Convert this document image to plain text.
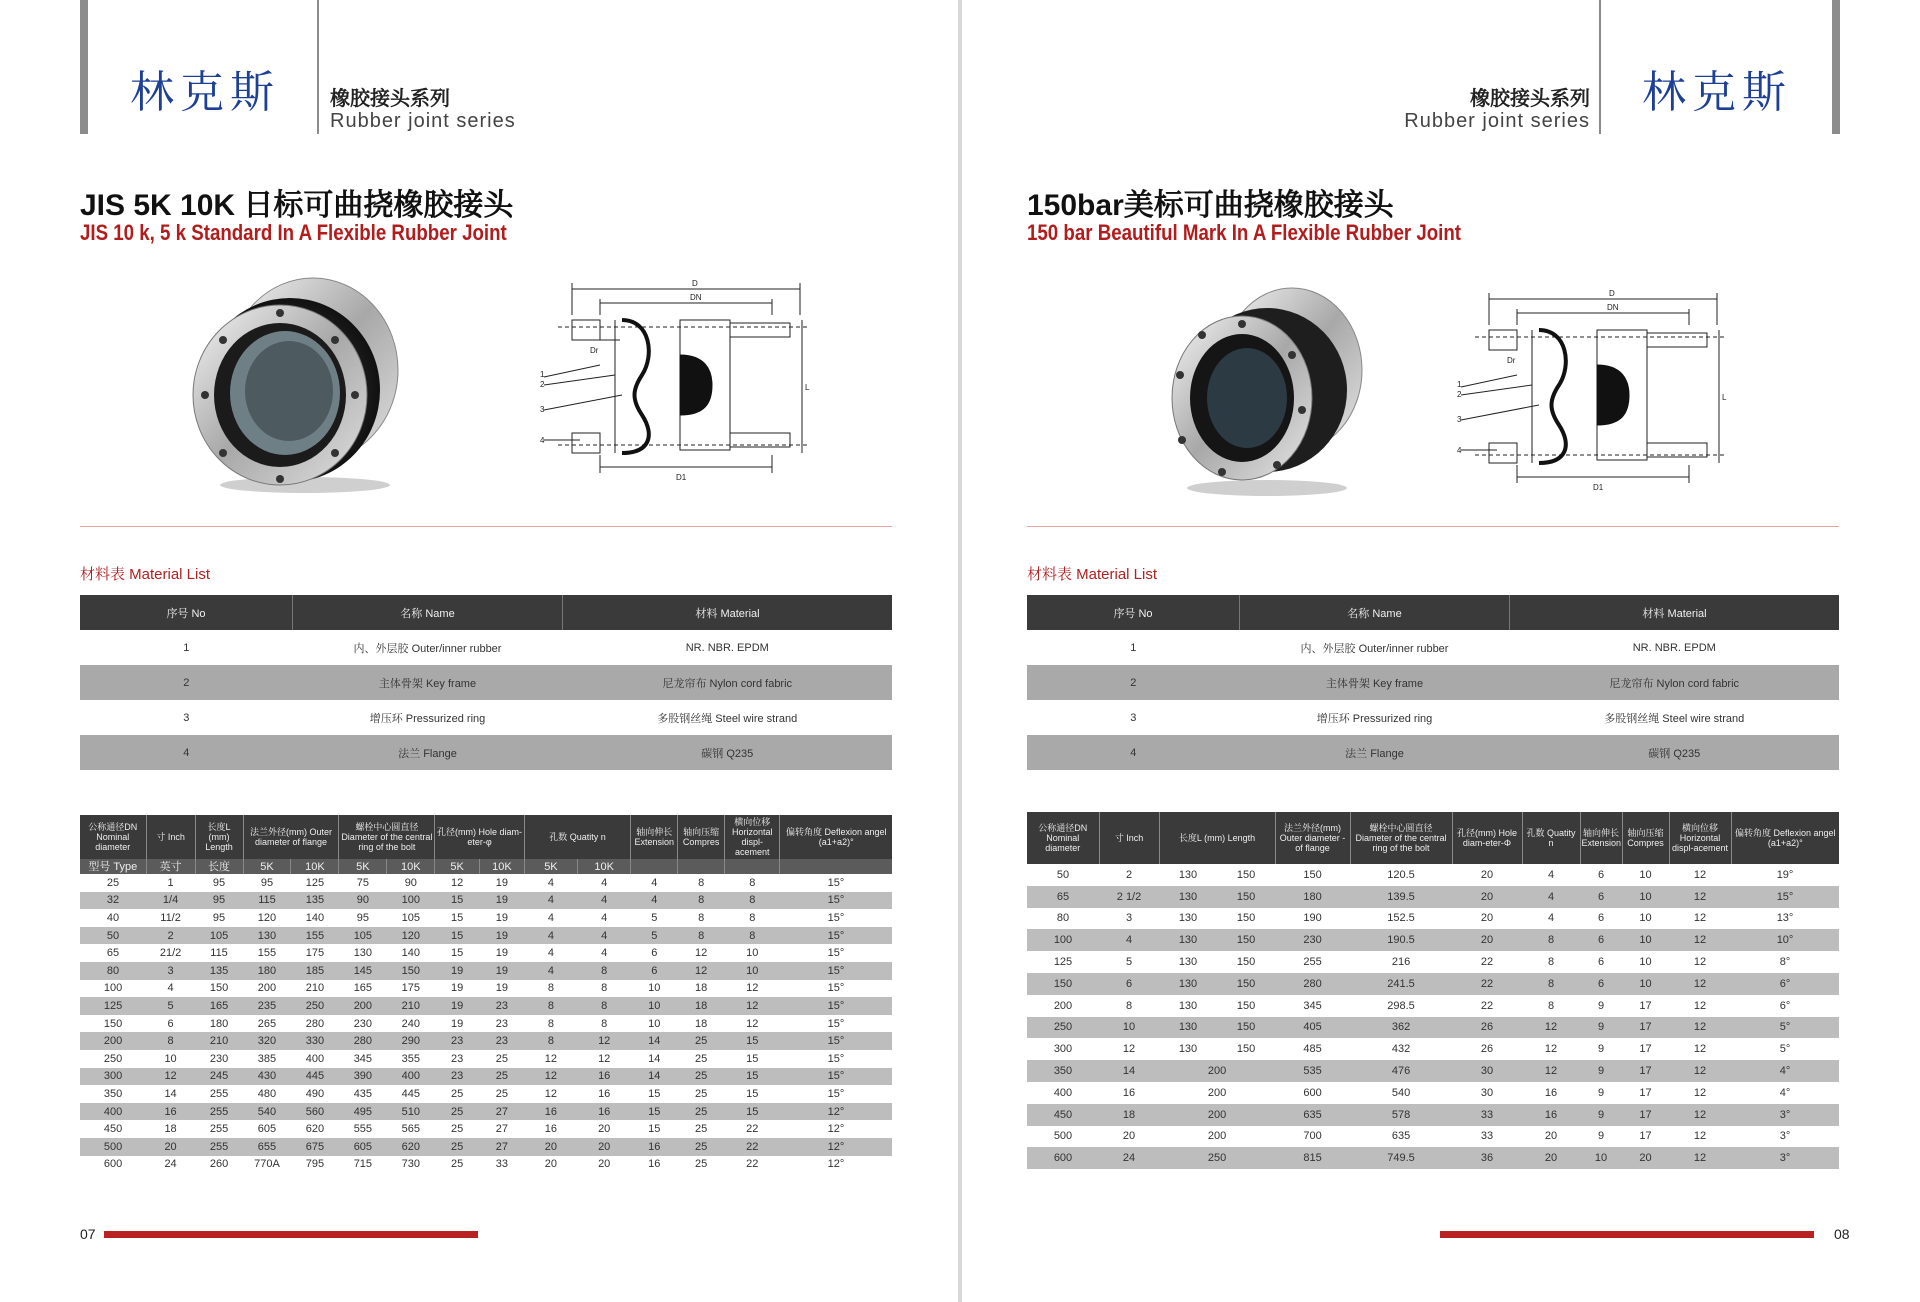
林克斯	橡胶接头系列
Rubber joint series
JIS 5K 10K 日标可曲挠橡胶接头
JIS 10 k, 5 k Standard In A Flexible Rubber Joint
D
DN
Dr
L
D1
1
2
3
4
材料表 Material List
序号 No	名称 Name	材料 Material
1	内、外层胶 Outer/inner rubber	NR. NBR. EPDM
2	主体骨架 Key frame	尼龙帘布 Nylon cord fabric
3	增压环 Pressurized ring	多股钢丝绳 Steel wire strand
4	法兰 Flange	碳钢 Q235
公称通径DN Nominal diameter	寸 Inch	长度L (mm) Length	法兰外径(mm) Outer diameter of flange		螺栓中心圆直径 Diameter of the central ring of the bolt		孔径(mm) Hole diam-eter-φ		孔数 Quatity n		轴向伸长 Extension	轴向压缩 Compres	横向位移 Horizontal displ-acement	偏转角度 Deflexion angel (a1+a2)°
型号 Type	英寸	长度	5K	10K	5K	10K	5K	10K	5K	10K				
25	1	95	95	125	75	90	12	19	4	4	4	8	8	15°
32	1/4	95	115	135	90	100	15	19	4	4	4	8	8	15°
40	11/2	95	120	140	95	105	15	19	4	4	5	8	8	15°
50	2	105	130	155	105	120	15	19	4	4	5	8	8	15°
65	21/2	115	155	175	130	140	15	19	4	4	6	12	10	15°
80	3	135	180	185	145	150	19	19	4	8	6	12	10	15°
100	4	150	200	210	165	175	19	19	8	8	10	18	12	15°
125	5	165	235	250	200	210	19	23	8	8	10	18	12	15°
150	6	180	265	280	230	240	19	23	8	8	10	18	12	15°
200	8	210	320	330	280	290	23	23	8	12	14	25	15	15°
250	10	230	385	400	345	355	23	25	12	12	14	25	15	15°
300	12	245	430	445	390	400	23	25	12	16	14	25	15	15°
350	14	255	480	490	435	445	25	25	12	16	15	25	15	15°
400	16	255	540	560	495	510	25	27	16	16	15	25	15	12°
450	18	255	605	620	555	565	25	27	16	20	15	25	22	12°
500	20	255	655	675	605	620	25	27	20	20	16	25	22	12°
600	24	260	770A	795	715	730	25	33	20	20	16	25	22	12°
07
林克斯
橡胶接头系列
Rubber joint series
150bar美标可曲挠橡胶接头
150 bar Beautiful Mark In A Flexible Rubber Joint
D
DN
Dr
L
D1
1
2
3
4
材料表 Material List
序号 No	名称 Name	材料 Material
1	内、外层胶 Outer/inner rubber	NR. NBR. EPDM
2	主体骨架 Key frame	尼龙帘布 Nylon cord fabric
3	增压环 Pressurized ring	多股钢丝绳 Steel wire strand
4	法兰 Flange	碳钢 Q235
公称通径DN Nominal diameter	寸 Inch	长度L (mm) Length		法兰外径(mm) Outer diameter -of flange	螺栓中心圆直径 Diameter of the central ring of the bolt	孔径(mm) Hole diam-eter-Φ	孔数 Quatity n	轴向伸长 Extension	轴向压缩 Compres	横向位移 Horizontal displ-acement	偏转角度 Deflexion angel (a1+a2)°
50	2	130	150	150	120.5	20	4	6	10	12	19°
65	2 1/2	130	150	180	139.5	20	4	6	10	12	15°
80	3	130	150	190	152.5	20	4	6	10	12	13°
100	4	130	150	230	190.5	20	8	6	10	12	10°
125	5	130	150	255	216	22	8	6	10	12	8°
150	6	130	150	280	241.5	22	8	6	10	12	6°
200	8	130	150	345	298.5	22	8	9	17	12	6°
250	10	130	150	405	362	26	12	9	17	12	5°
300	12	130	150	485	432	26	12	9	17	12	5°
350	14	200		535	476	30	12	9	17	12	4°
400	16	200		600	540	30	16	9	17	12	4°
450	18	200		635	578	33	16	9	17	12	3°
500	20	200		700	635	33	20	9	17	12	3°
600	24	250		815	749.5	36	20	10	20	12	3°
08
